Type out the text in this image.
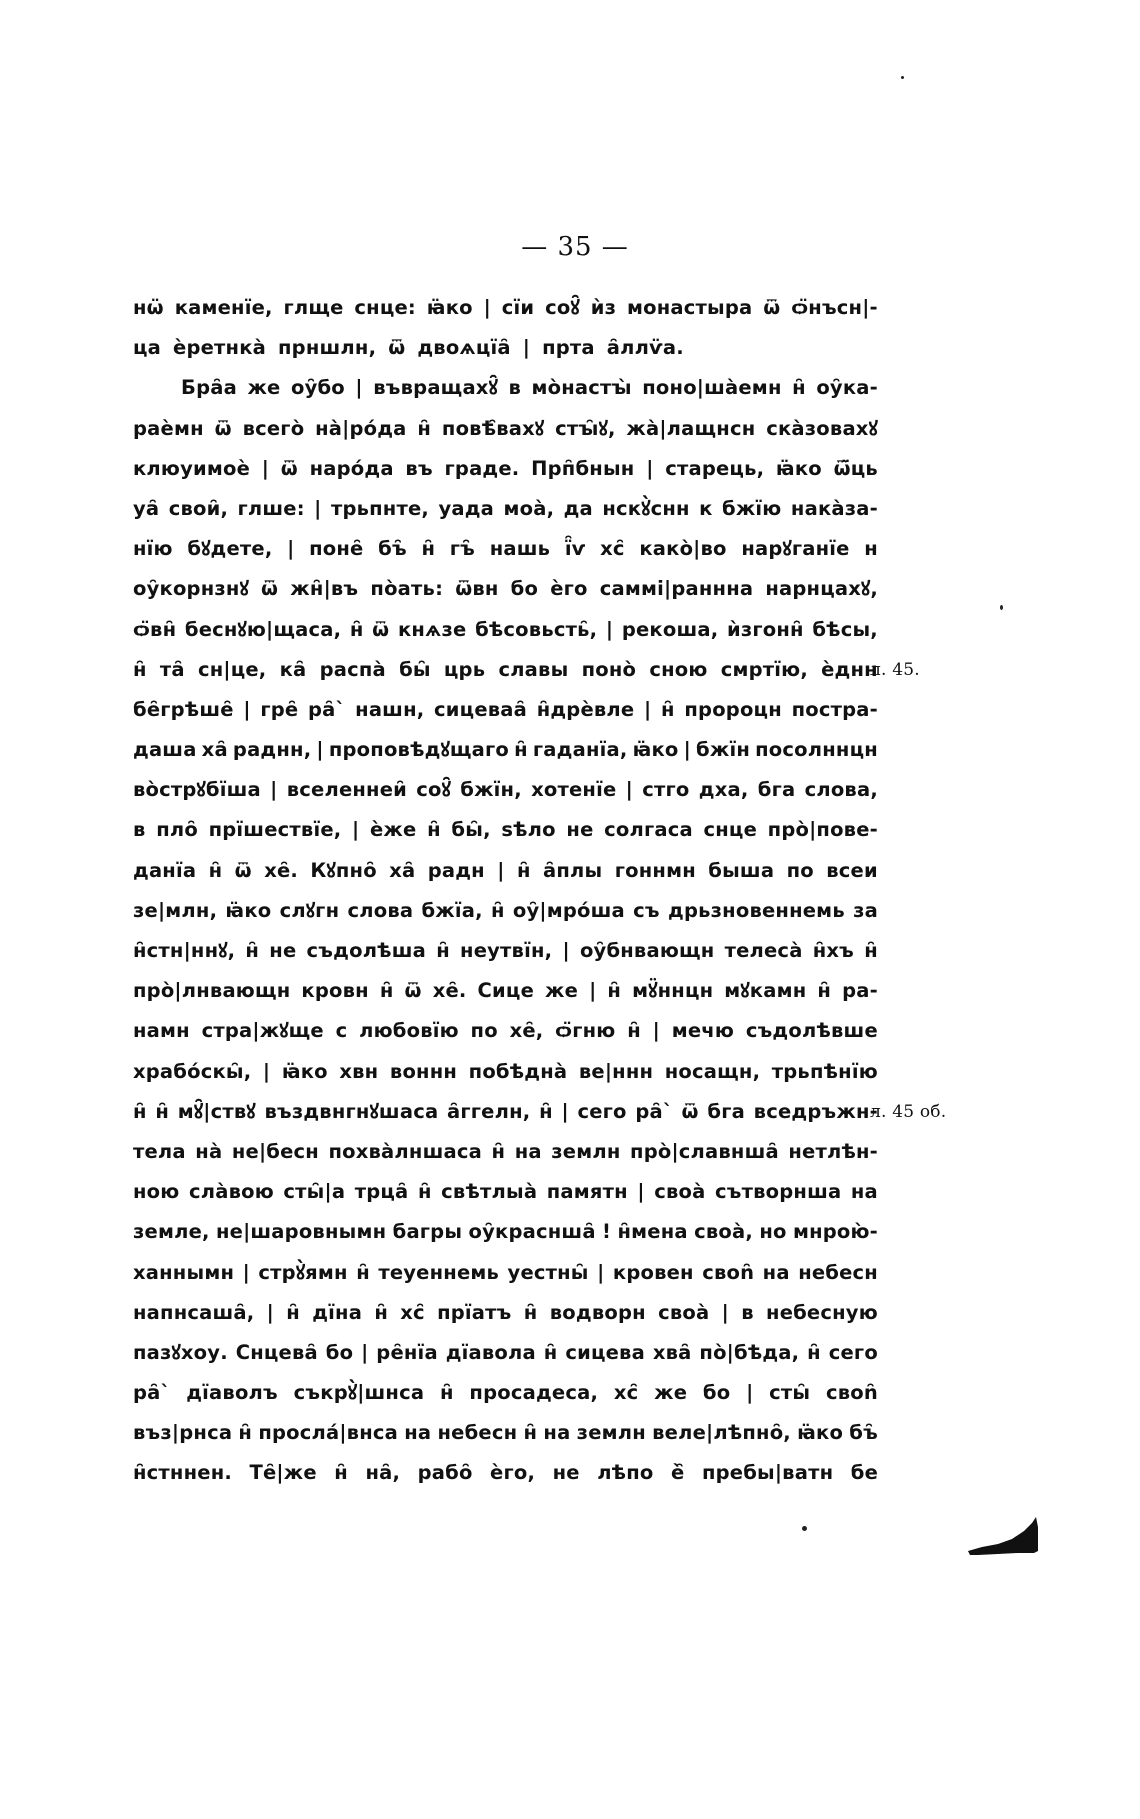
— 35 —
нѡ̈ каменїе, глще снце: ꙗ̈ко | сїи соꙋ̑ ѝз монастыра ѿ ѻ̈нъсн|-
ца ѐретнка̀ прншлн, ѿ двоѧцїа̑ | прта а̑ллѵ̈а.
Бра̑а же оу̑бо | въвращахꙋ̑ в мо̀настꙑ̀ поно|ша̀емн н̑ оу̑ка-
раѐмн ѿ всего̀ на̀|ро́да н̑ повѣ̑вахꙋ стꙑ̑ꙋ, жа̀|лащнсн ска̀зовахꙋ
клюуимоѐ | ѿ наро́да въ граде. Прп̑бнын | старець, ꙗ̈ко ѿ̈ць
уа̑ свои̑, глше: | трьпнте, уада моа̀, да нскꙋ̀снн к бжїю нака̀за-
нїю бꙋдете, | поне̑ бъ̑ н̑ гъ̑ нашь ї̑ѵ хс̑ како̀|во нарꙋганїе н
оу̑корнзнꙋ ѿ жн̑|въ по̀ать: ѿвн бо ѐго саммі|раннна нарнцахꙋ,
ѻ̈вн̑ беснꙋю|щаса, н̑ ѿ кнѧзе бѣсовьсть̑, | рекоша, ѝзгонн̑ бѣсы,
н̑ та̑ сн|це, ка̑ распа̀ бы̑ црь славы поно̀ сною смртїю, ѐднн
л. 45.
бе̑грѣше̑ | гре̑ ра̑` нашн, сицеваа̑ н̑дрѐвле | н̑ пророцн постра-
даша ха̑ раднн, | проповѣдꙋщаго н̑ гаданїа, ꙗ̈ко | бжїн посолннцн
во̀стрꙋбїша | вселеннеи̑ соꙋ̑ бжїн, хотенїе | стго дха, бга слова,
в пло̑ прїшествїе, | ѐже н̑ бы̑, ѕѣло не солгаса снце про̀|пове-
данїа н̑ ѿ хе̑. Кꙋпно̑ ха̑ радн | н̑ а̑плы гоннмн быша по всеи
зе|млн, ꙗ̈ко слꙋгн слова бжїа, н̑ оу̑|мро́ша съ дрьзновеннемь за
н̑стн|ннꙋ, н̑ не съдолѣша н̑ неутвїн, | оу̑бнвающн телеса̀ н̑хъ н̑
про̀|лнвающн кровн н̑ ѿ хе̑. Сице же | н̑ мꙋ̈ннцн мꙋкамн н̑ ра-
намн стра|жꙋще с любовїю по хе̑, ѻ̈гню н̑ | мечю съдолѣвше
храбо́скы̑, | ꙗ̈ко хвн воннн побѣдна̀ ве|ннн носащн, трьпѣнїю
н̑ н̑ мꙋ̑|ствꙋ въздвнгнꙋшаса а̑ггелн, н̑ | сего ра̑` ѿ бга вседръжн-
л. 45 об.
тела на̀ не|бесн похва̀лншаса н̑ на землн про̀|славнша̑ нетлѣн-
ною сла̀вою сты̑|а трца̑ н̑ свѣтлыа̀ памятн | своа̀ сътворнша на
земле, не|шаровнымн багры оу̑краснша̑ ! н̑мена своа̀, но мнрою̀-
ханнымн | стрꙋ̀ямн н̑ теуеннемь уестны̑ | кровен своn̑ на небесн
напнсаша̑, | н̑ дїна н̑ хс̑ прїатъ н̑ водворн своа̀ | в небесную
пазꙋхоу. Снцева̑ бо | ре̑нїа дїавола н̑ сицева хва̑ по̀|бѣда, н̑ сего
ра̑` дїаволъ съкрꙋ̀|шнса н̑ просадеса, хс̑ же бо | сты̑ своn̑
въз|рнса н̑ просла́|внса на небесн н̑ на землн веле|лѣпно̑, ꙗ̈ко бъ̑
н̑стннен. Те̑|же н̑ на̑, рабо̑ ѐго, не лѣпо ѐ̑ пребы|ватн бе
